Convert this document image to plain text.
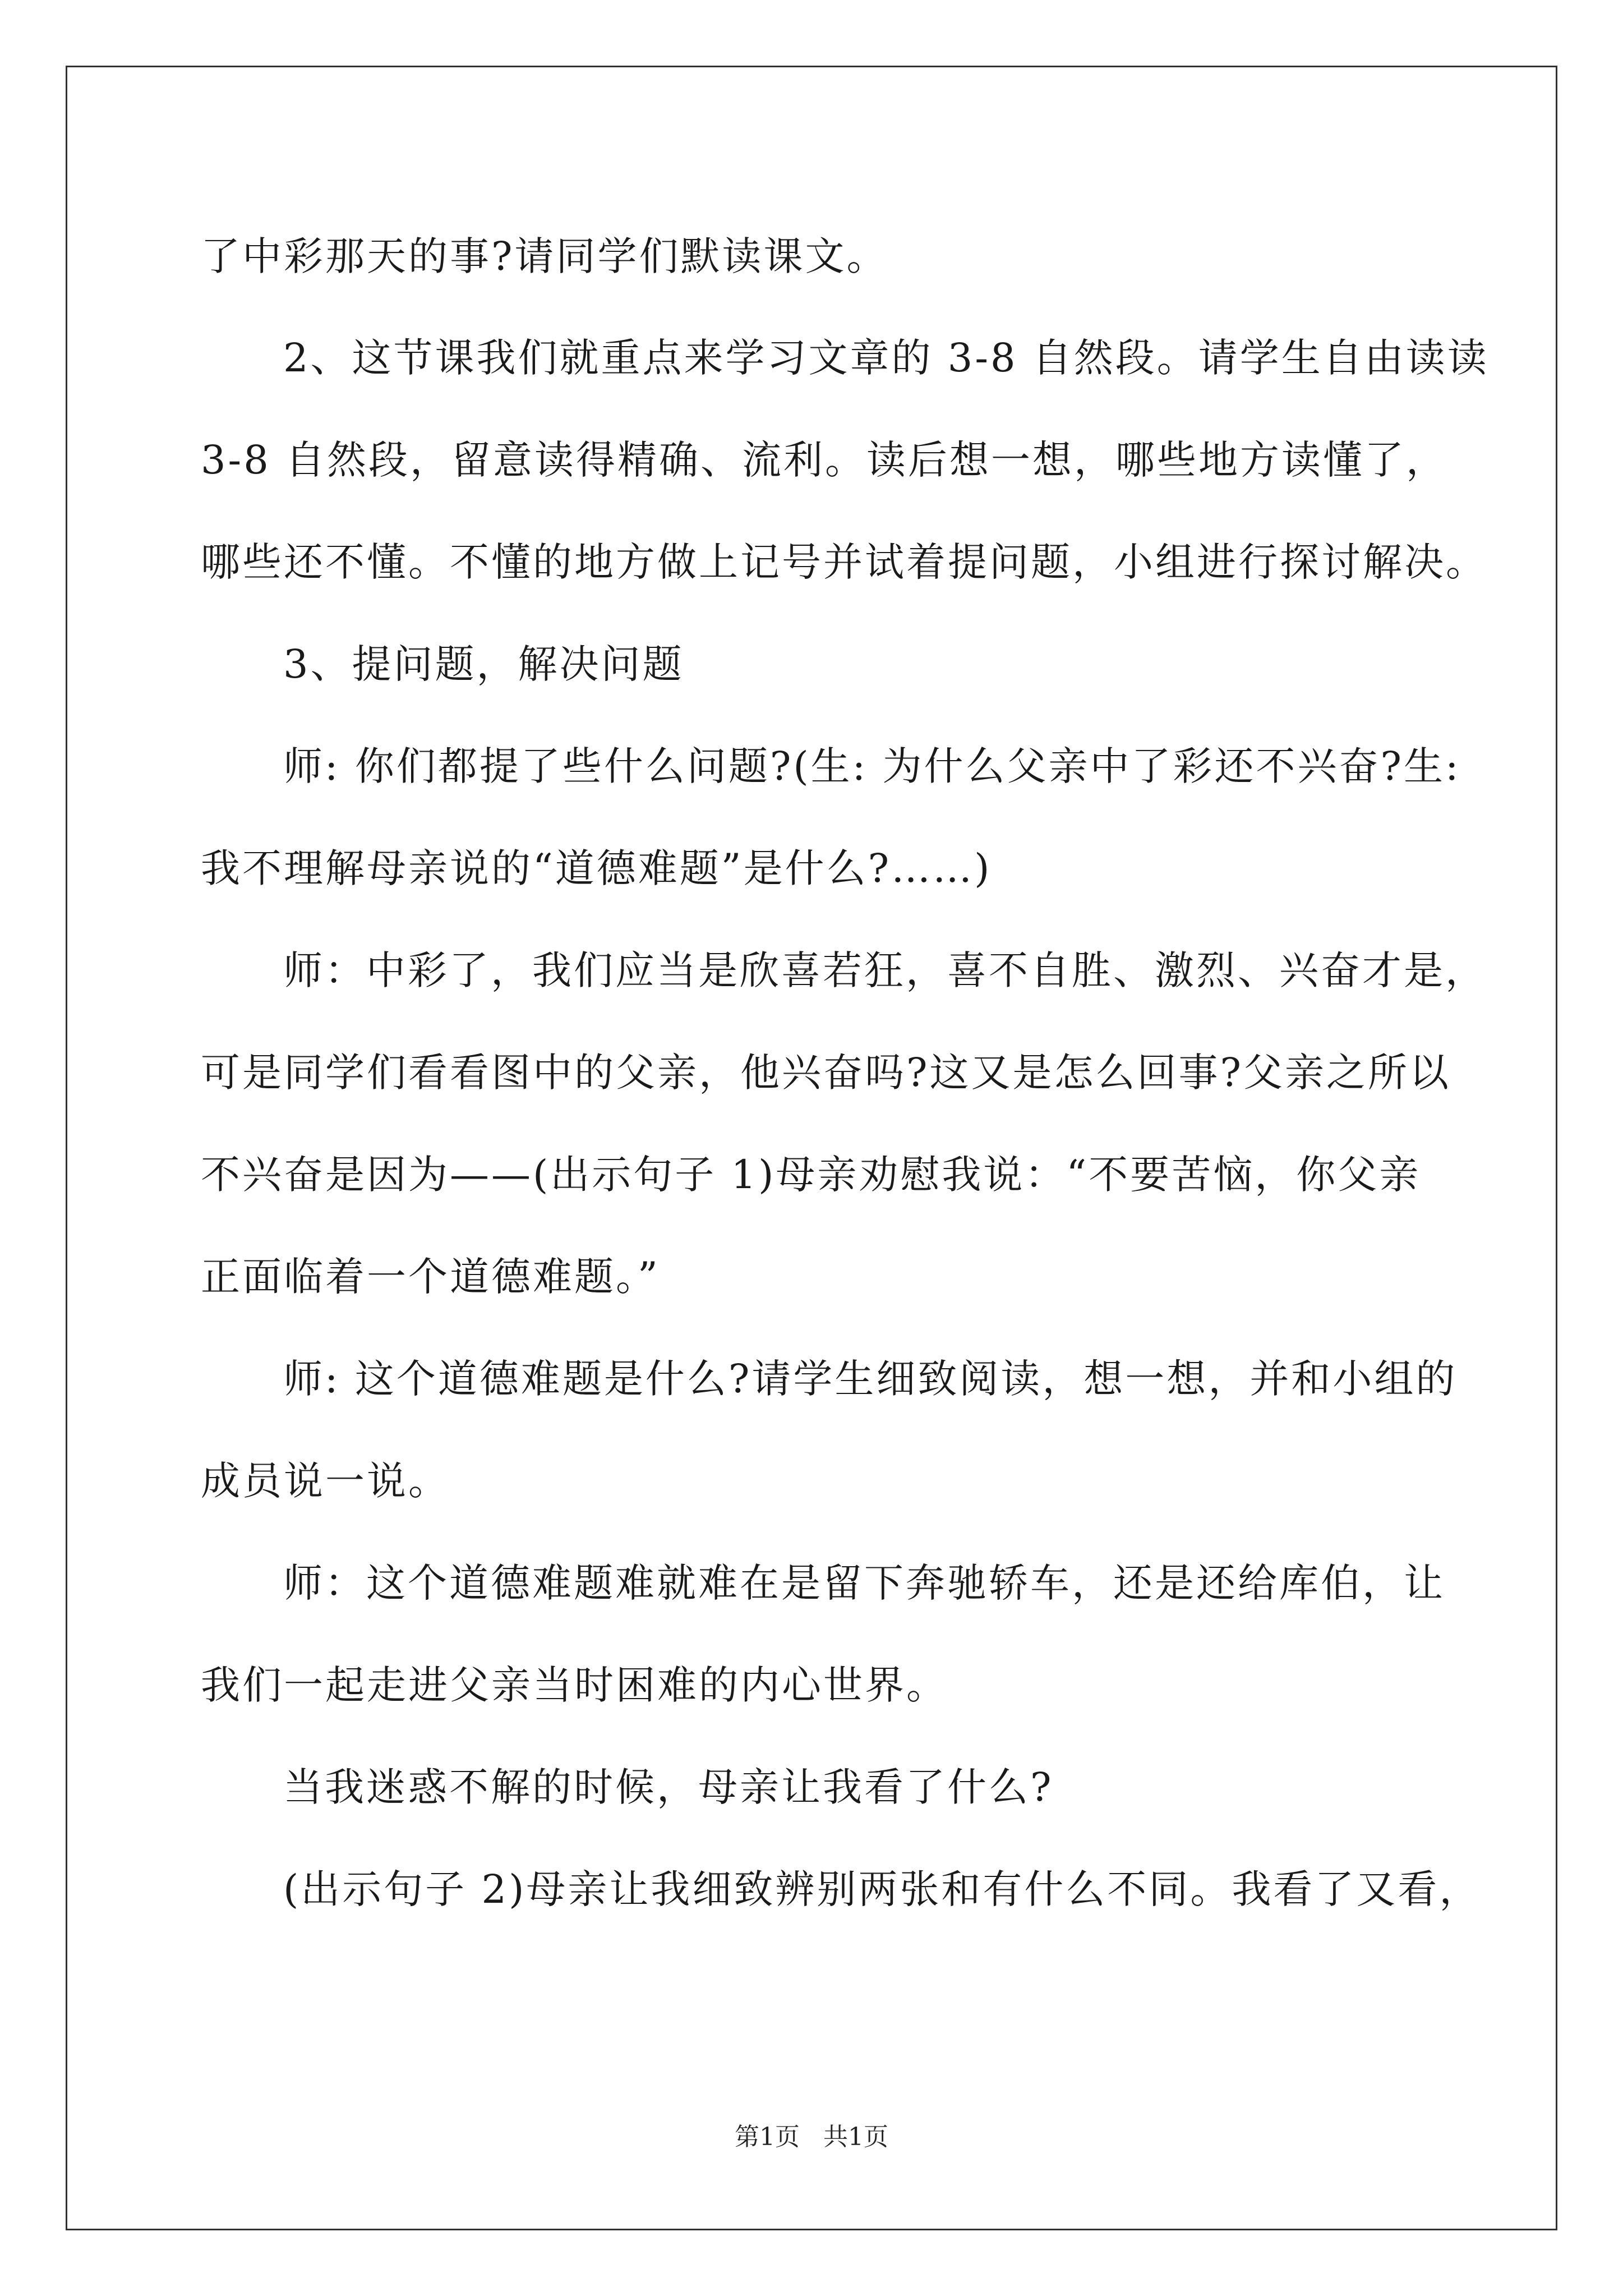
了中彩那天的事?请同学们默读课文。
2、这节课我们就重点来学习文章的 3-8 自然段。请学生自由读读
3-8 自然段，留意读得精确、流利。读后想一想，哪些地方读懂了，
哪些还不懂。不懂的地方做上记号并试着提问题，小组进行探讨解决。
3、提问题，解决问题
师: 你们都提了些什么问题?(生: 为什么父亲中了彩还不兴奋?生:
我不理解母亲说的“道德难题”是什么?……)
师：中彩了，我们应当是欣喜若狂，喜不自胜、激烈、兴奋才是，
可是同学们看看图中的父亲，他兴奋吗?这又是怎么回事?父亲之所以
不兴奋是因为——(出示句子 1)母亲劝慰我说：“不要苦恼，你父亲
正面临着一个道德难题。”
师: 这个道德难题是什么?请学生细致阅读，想一想，并和小组的
成员说一说。
师：这个道德难题难就难在是留下奔驰轿车，还是还给库伯，让
我们一起走进父亲当时困难的内心世界。
当我迷惑不解的时候，母亲让我看了什么?
(出示句子 2)母亲让我细致辨别两张和有什么不同。我看了又看，
第1页 共1页
